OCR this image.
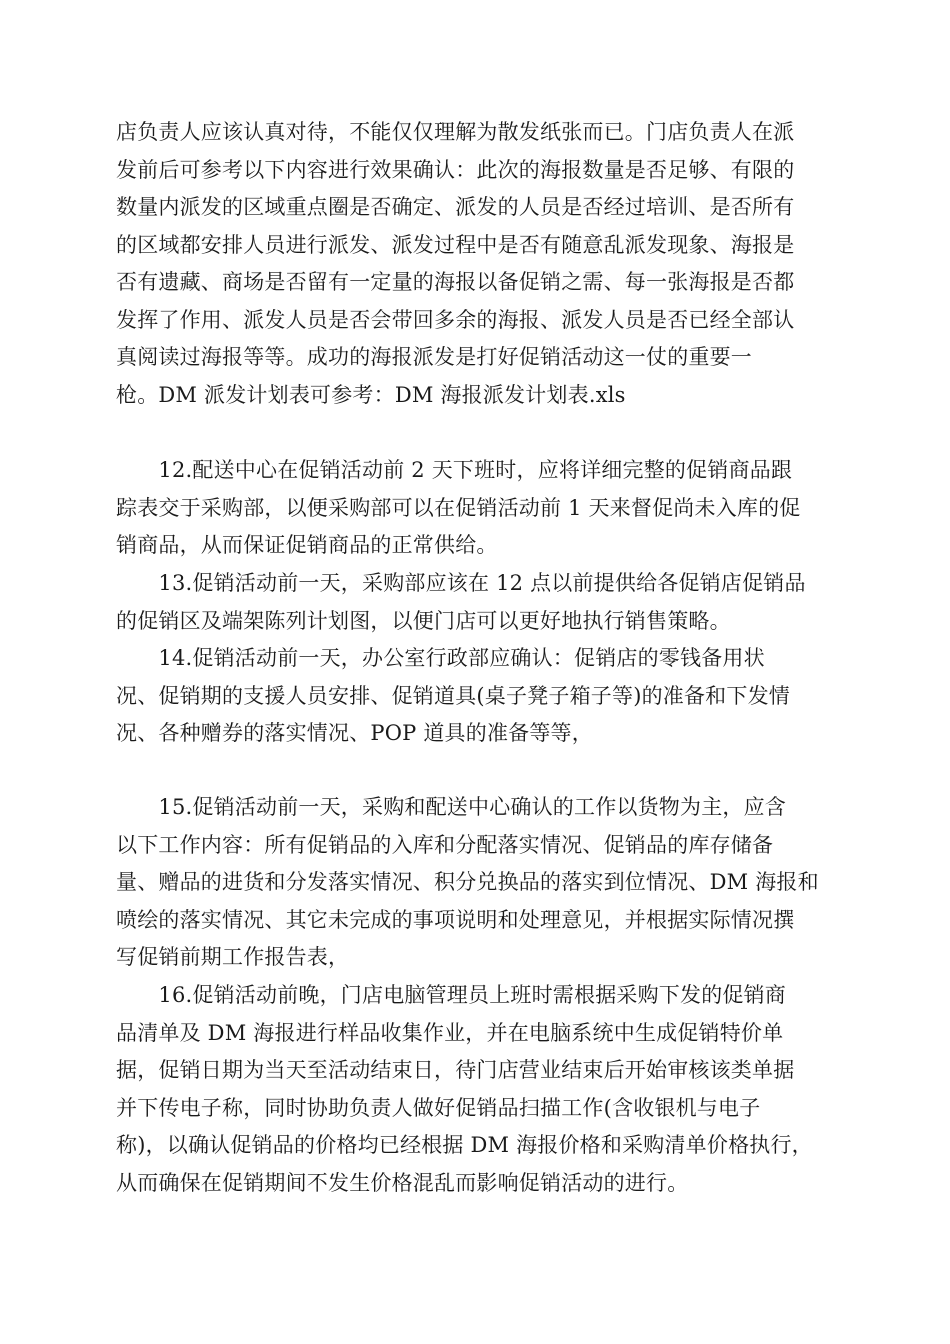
店负责人应该认真对待，不能仅仅理解为散发纸张而已。门店负责人在派
发前后可参考以下内容进行效果确认：此次的海报数量是否足够、有限的
数量内派发的区域重点圈是否确定、派发的人员是否经过培训、是否所有
的区域都安排人员进行派发、派发过程中是否有随意乱派发现象、海报是
否有遗藏、商场是否留有一定量的海报以备促销之需、每一张海报是否都
发挥了作用、派发人员是否会带回多余的海报、派发人员是否已经全部认
真阅读过海报等等。成功的海报派发是打好促销活动这一仗的重要一
枪。DM 派发计划表可参考：DM 海报派发计划表.xls
　　12.配送中心在促销活动前 2 天下班时，应将详细完整的促销商品跟
踪表交于采购部，以便采购部可以在促销活动前 1 天来督促尚未入库的促
销商品，从而保证促销商品的正常供给。
　　13.促销活动前一天，采购部应该在 12 点以前提供给各促销店促销品
的促销区及端架陈列计划图，以便门店可以更好地执行销售策略。
　　14.促销活动前一天，办公室行政部应确认：促销店的零钱备用状
况、促销期的支援人员安排、促销道具(桌子凳子箱子等)的准备和下发情
况、各种赠券的落实情况、POP 道具的准备等等，
　　15.促销活动前一天，采购和配送中心确认的工作以货物为主，应含
以下工作内容：所有促销品的入库和分配落实情况、促销品的库存储备
量、赠品的进货和分发落实情况、积分兑换品的落实到位情况、DM 海报和
喷绘的落实情况、其它未完成的事项说明和处理意见，并根据实际情况撰
写促销前期工作报告表，
　　16.促销活动前晚，门店电脑管理员上班时需根据采购下发的促销商
品清单及 DM 海报进行样品收集作业，并在电脑系统中生成促销特价单
据，促销日期为当天至活动结束日，待门店营业结束后开始审核该类单据
并下传电子称，同时协助负责人做好促销品扫描工作(含收银机与电子
称)，以确认促销品的价格均已经根据 DM 海报价格和采购清单价格执行，
从而确保在促销期间不发生价格混乱而影响促销活动的进行。
